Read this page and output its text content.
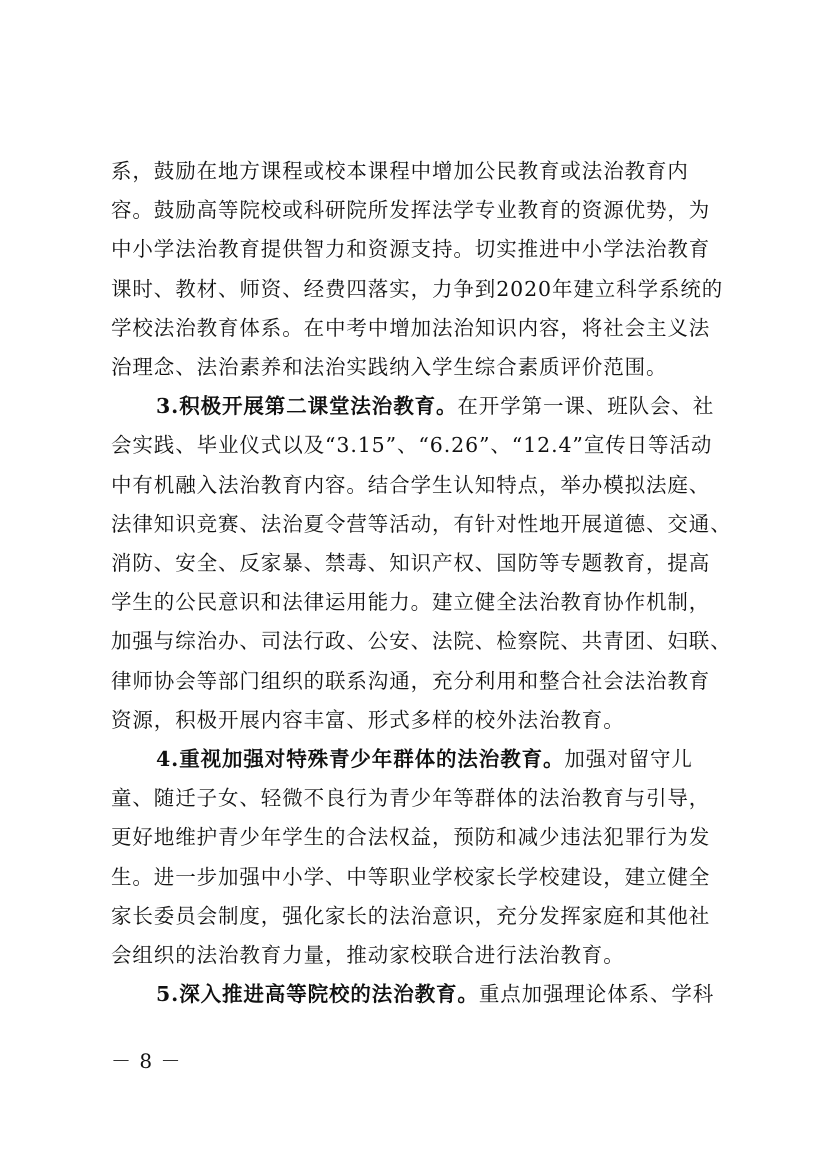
系，鼓励在地方课程或校本课程中增加公民教育或法治教育内
容。鼓励高等院校或科研院所发挥法学专业教育的资源优势，为
中小学法治教育提供智力和资源支持。切实推进中小学法治教育
课时、教材、师资、经费四落实，力争到2020年建立科学系统的
学校法治教育体系。在中考中增加法治知识内容，将社会主义法
治理念、法治素养和法治实践纳入学生综合素质评价范围。
3.积极开展第二课堂法治教育。在开学第一课、班队会、社
会实践、毕业仪式以及“3.15”、“6.26”、“12.4”宣传日等活动
中有机融入法治教育内容。结合学生认知特点，举办模拟法庭、
法律知识竞赛、法治夏令营等活动，有针对性地开展道德、交通、
消防、安全、反家暴、禁毒、知识产权、国防等专题教育，提高
学生的公民意识和法律运用能力。建立健全法治教育协作机制，
加强与综治办、司法行政、公安、法院、检察院、共青团、妇联、
律师协会等部门组织的联系沟通，充分利用和整合社会法治教育
资源，积极开展内容丰富、形式多样的校外法治教育。
4.重视加强对特殊青少年群体的法治教育。加强对留守儿
童、随迁子女、轻微不良行为青少年等群体的法治教育与引导，
更好地维护青少年学生的合法权益，预防和减少违法犯罪行为发
生。进一步加强中小学、中等职业学校家长学校建设，建立健全
家长委员会制度，强化家长的法治意识，充分发挥家庭和其他社
会组织的法治教育力量，推动家校联合进行法治教育。
5.深入推进高等院校的法治教育。重点加强理论体系、学科
－ 8 －
